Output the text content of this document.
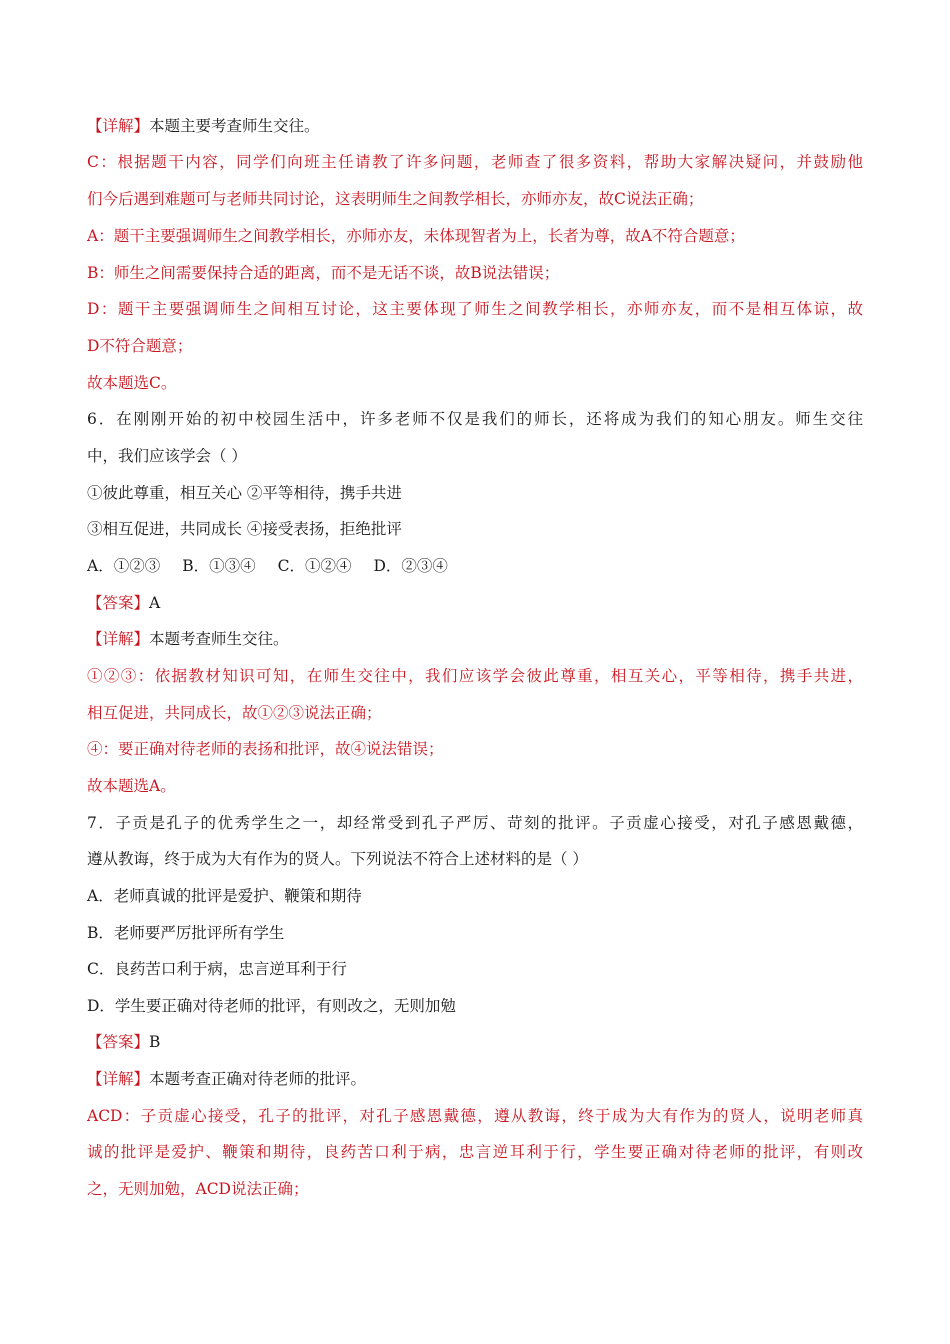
【详解】本题主要考查师生交往。
C：根据题干内容，同学们向班主任请教了许多问题，老师查了很多资料，帮助大家解决疑问，并鼓励他
们今后遇到难题可与老师共同讨论，这表明师生之间教学相长，亦师亦友，故C说法正确；
A：题干主要强调师生之间教学相长，亦师亦友，未体现智者为上，长者为尊，故A不符合题意；
B：师生之间需要保持合适的距离，而不是无话不谈，故B说法错误；
D：题干主要强调师生之间相互讨论，这主要体现了师生之间教学相长，亦师亦友，而不是相互体谅，故
D不符合题意；
故本题选C。
6．在刚刚开始的初中校园生活中，许多老师不仅是我们的师长，还将成为我们的知心朋友。师生交往
中，我们应该学会（ ）
①彼此尊重，相互关心 ②平等相待，携手共进
③相互促进，共同成长 ④接受表扬，拒绝批评
A．①②③ B．①③④ C．①②④ D．②③④
【答案】A
【详解】本题考查师生交往。
①②③：依据教材知识可知，在师生交往中，我们应该学会彼此尊重，相互关心，平等相待，携手共进，
相互促进，共同成长，故①②③说法正确；
④：要正确对待老师的表扬和批评，故④说法错误；
故本题选A。
7．子贡是孔子的优秀学生之一，却经常受到孔子严厉、苛刻的批评。子贡虚心接受，对孔子感恩戴德，
遵从教诲，终于成为大有作为的贤人。下列说法不符合上述材料的是（ ）
A．老师真诚的批评是爱护、鞭策和期待
B．老师要严厉批评所有学生
C．良药苦口利于病，忠言逆耳利于行
D．学生要正确对待老师的批评，有则改之，无则加勉
【答案】B
【详解】本题考查正确对待老师的批评。
ACD：子贡虚心接受，孔子的批评，对孔子感恩戴德，遵从教诲，终于成为大有作为的贤人，说明老师真
诚的批评是爱护、鞭策和期待，良药苦口利于病，忠言逆耳利于行，学生要正确对待老师的批评，有则改
之，无则加勉，ACD说法正确；
